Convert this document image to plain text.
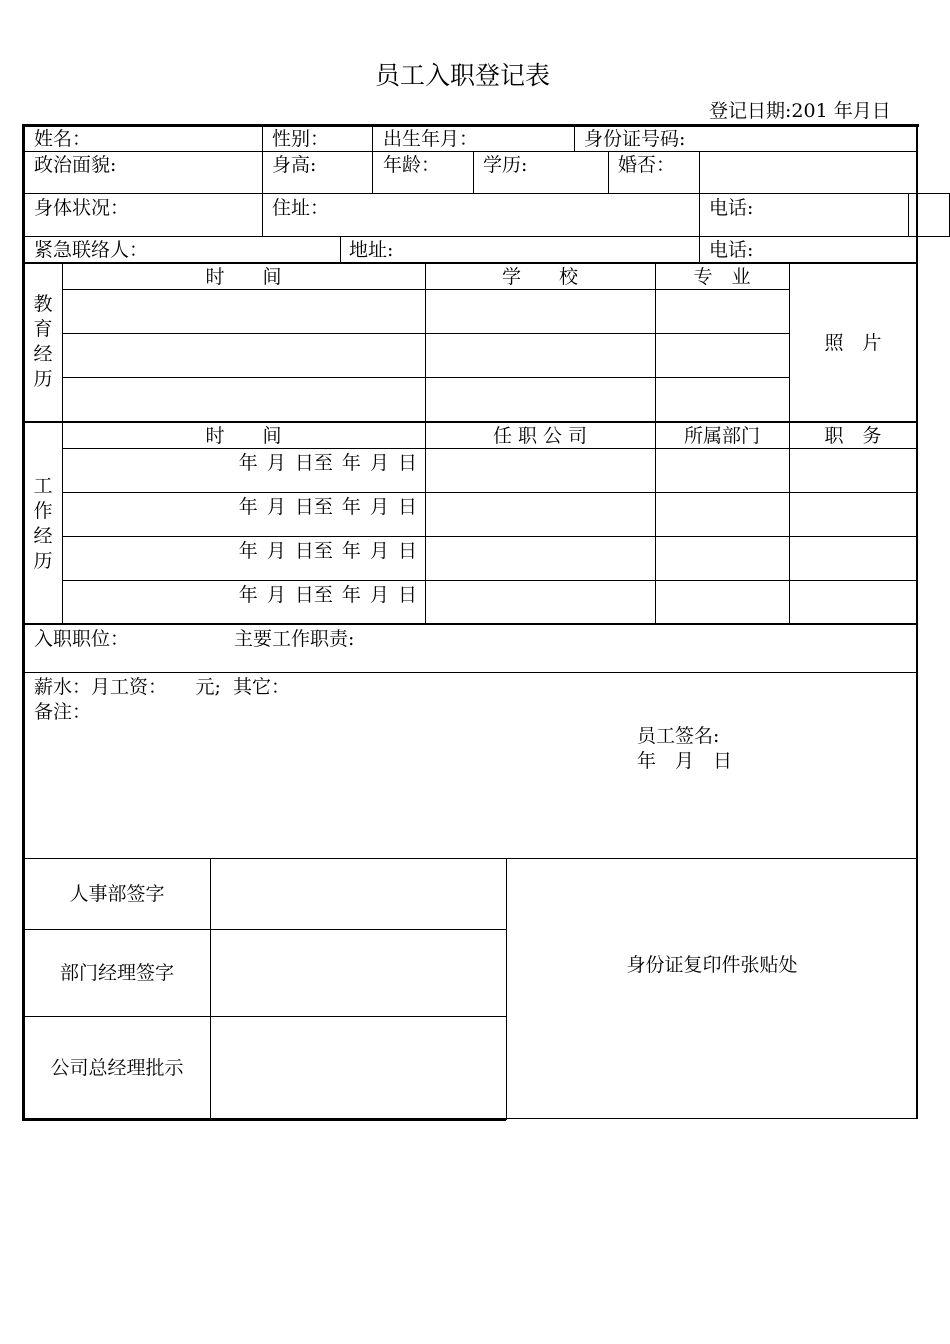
员工入职登记表
登记日期:201 年月日
姓名：	性别：	出生年月：	身份证号码:
政治面貌:	身高:	年龄： 学历:	婚否：
身体状况：	住址：	电话:
紧急联络人：	地址:	电话:
教
育
经
历
时　　间	学　　校	专　业
照　片
工
作
经
历
时　　间	任 职 公 司	所属部门	职　务
年 月 日至 年 月 日
年 月 日至 年 月 日
年 月 日至 年 月 日
年 月 日至 年 月 日
入职职位：	主要工作职责:
薪水：月工资：　　元;  其它：
备注：
员工签名:
年　月　日
人事部签字
部门经理签字
公司总经理批示
身份证复印件张贴处
